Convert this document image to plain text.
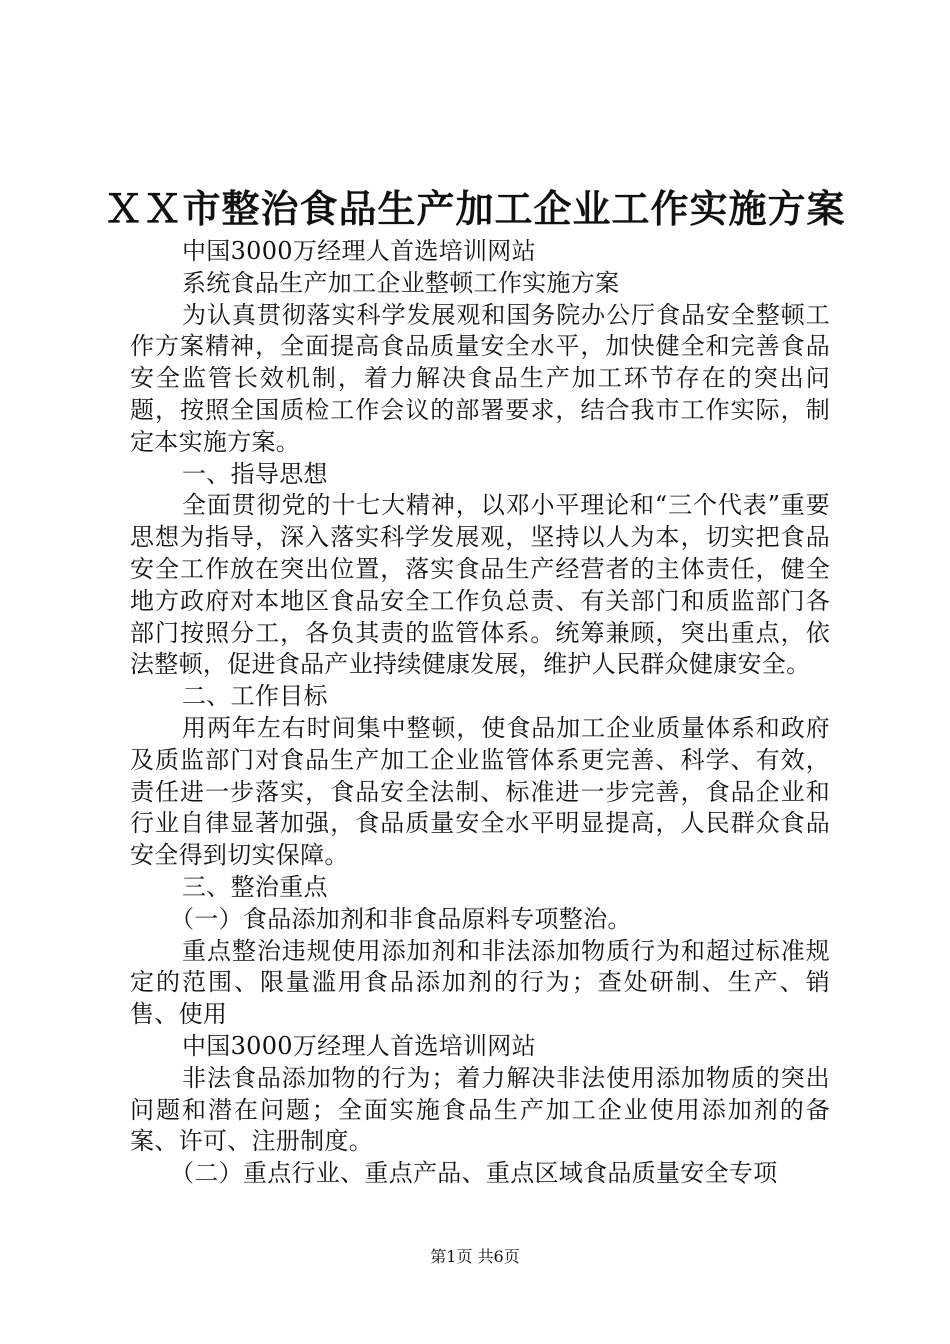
ＸＸ市整治食品生产加工企业工作实施方案

中国3000万经理人首选培训网站

系统食品生产加工企业整顿工作实施方案

为认真贯彻落实科学发展观和国务院办公厅食品安全整顿工作方案精神，全面提高食品质量安全水平，加快健全和完善食品安全监管长效机制，着力解决食品生产加工环节存在的突出问题，按照全国质检工作会议的部署要求，结合我市工作实际，制定本实施方案。

一、指导思想

全面贯彻党的十七大精神，以邓小平理论和“三个代表”重要思想为指导，深入落实科学发展观，坚持以人为本，切实把食品安全工作放在突出位置，落实食品生产经营者的主体责任，健全地方政府对本地区食品安全工作负总责、有关部门和质监部门各部门按照分工，各负其责的监管体系。统筹兼顾，突出重点，依法整顿，促进食品产业持续健康发展，维护人民群众健康安全。

二、工作目标

用两年左右时间集中整顿，使食品加工企业质量体系和政府及质监部门对食品生产加工企业监管体系更完善、科学、有效，责任进一步落实，食品安全法制、标准进一步完善，食品企业和行业自律显著加强，食品质量安全水平明显提高，人民群众食品安全得到切实保障。

三、整治重点

（一）食品添加剂和非食品原料专项整治。

重点整治违规使用添加剂和非法添加物质行为和超过标准规定的范围、限量滥用食品添加剂的行为；查处研制、生产、销售、使用

中国3000万经理人首选培训网站

非法食品添加物的行为；着力解决非法使用添加物质的突出问题和潜在问题；全面实施食品生产加工企业使用添加剂的备案、许可、注册制度。

（二）重点行业、重点产品、重点区域食品质量安全专项

第1页 共6页
